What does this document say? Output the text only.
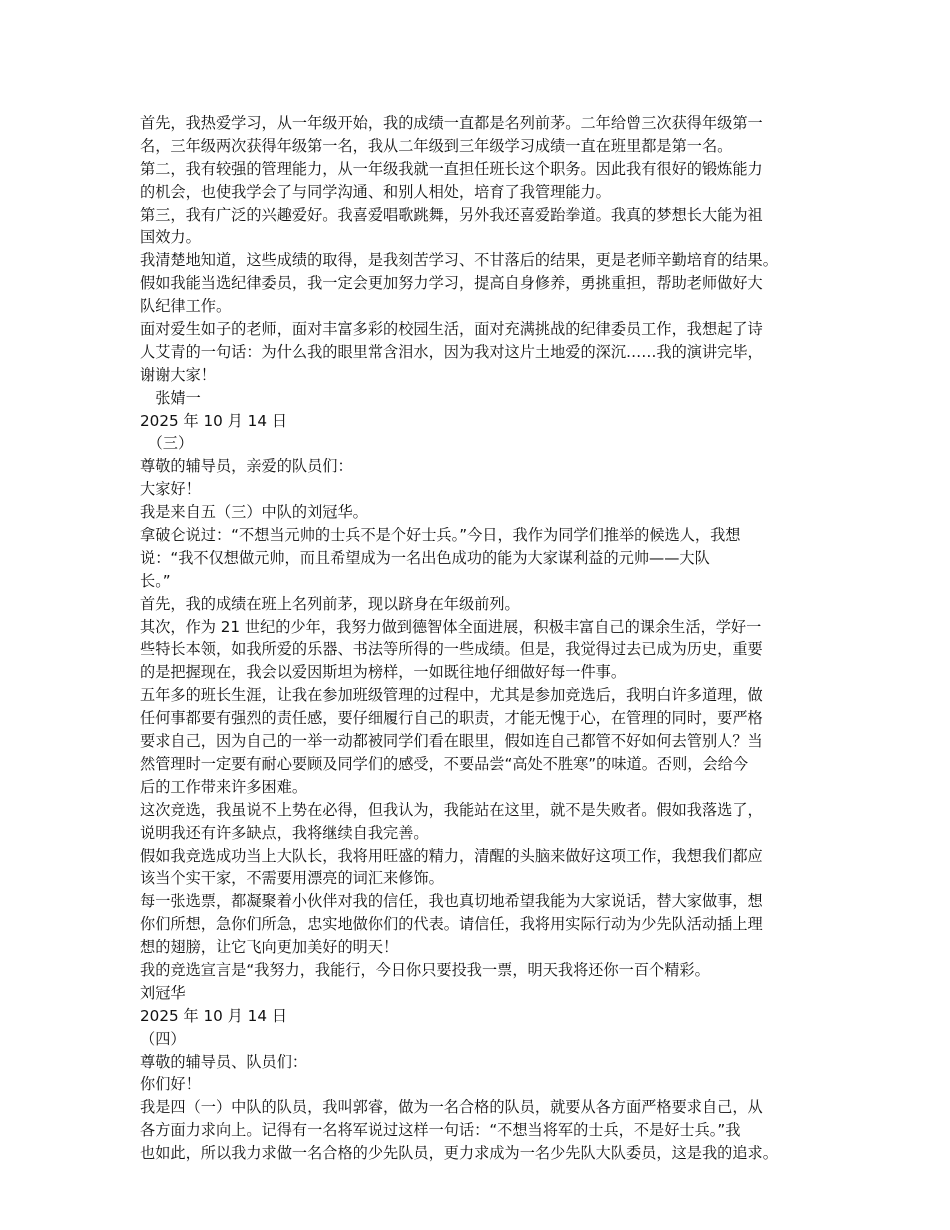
首先，我热爱学习，从一年级开始，我的成绩一直都是名列前茅。二年给曾三次获得年级第一
名，三年级两次获得年级第一名，我从二年级到三年级学习成绩一直在班里都是第一名。
第二，我有较强的管理能力，从一年级我就一直担任班长这个职务。因此我有很好的锻炼能力
的机会，也使我学会了与同学沟通、和别人相处，培育了我管理能力。
第三，我有广泛的兴趣爱好。我喜爱唱歌跳舞，另外我还喜爱跆拳道。我真的梦想长大能为祖
国效力。
我清楚地知道，这些成绩的取得，是我刻苦学习、不甘落后的结果，更是老师辛勤培育的结果。
假如我能当选纪律委员，我一定会更加努力学习，提高自身修养，勇挑重担，帮助老师做好大
队纪律工作。
面对爱生如子的老师，面对丰富多彩的校园生活，面对充满挑战的纪律委员工作，我想起了诗
人艾青的一句话：为什么我的眼里常含泪水，因为我对这片土地爱的深沉……我的演讲完毕，
谢谢大家！
　张婧一
2025 年 10 月 14 日
　（三）
尊敬的辅导员，亲爱的队员们：
大家好！
我是来自五（三）中队的刘冠华。
拿破仑说过：“不想当元帅的士兵不是个好士兵。”今日，我作为同学们推举的候选人，我想
说：“我不仅想做元帅，而且希望成为一名出色成功的能为大家谋利益的元帅——大队
长。”
首先，我的成绩在班上名列前茅，现以跻身在年级前列。
其次，作为 21 世纪的少年，我努力做到德智体全面进展，积极丰富自己的课余生活，学好一
些特长本领，如我所爱的乐器、书法等所得的一些成绩。但是，我觉得过去已成为历史，重要
的是把握现在，我会以爱因斯坦为榜样，一如既往地仔细做好每一件事。
五年多的班长生涯，让我在参加班级管理的过程中，尤其是参加竞选后，我明白许多道理，做
任何事都要有强烈的责任感，要仔细履行自己的职责，才能无愧于心，在管理的同时，要严格
要求自己，因为自己的一举一动都被同学们看在眼里，假如连自己都管不好如何去管别人？当
然管理时一定要有耐心要顾及同学们的感受，不要品尝“高处不胜寒”的味道。否则，会给今
后的工作带来许多困难。
这次竞选，我虽说不上势在必得，但我认为，我能站在这里，就不是失败者。假如我落选了，
说明我还有许多缺点，我将继续自我完善。
假如我竞选成功当上大队长，我将用旺盛的精力，清醒的头脑来做好这项工作，我想我们都应
该当个实干家，不需要用漂亮的词汇来修饰。
每一张选票，都凝聚着小伙伴对我的信任，我也真切地希望我能为大家说话，替大家做事，想
你们所想，急你们所急，忠实地做你们的代表。请信任，我将用实际行动为少先队活动插上理
想的翅膀，让它飞向更加美好的明天！
我的竞选宣言是“我努力，我能行，今日你只要投我一票，明天我将还你一百个精彩。
刘冠华
2025 年 10 月 14 日
（四）
尊敬的辅导员、队员们：
你们好！
我是四（一）中队的队员，我叫郭睿，做为一名合格的队员，就要从各方面严格要求自己，从
各方面力求向上。记得有一名将军说过这样一句话：“不想当将军的士兵，不是好士兵。”我
也如此，所以我力求做一名合格的少先队员，更力求成为一名少先队大队委员，这是我的追求。
